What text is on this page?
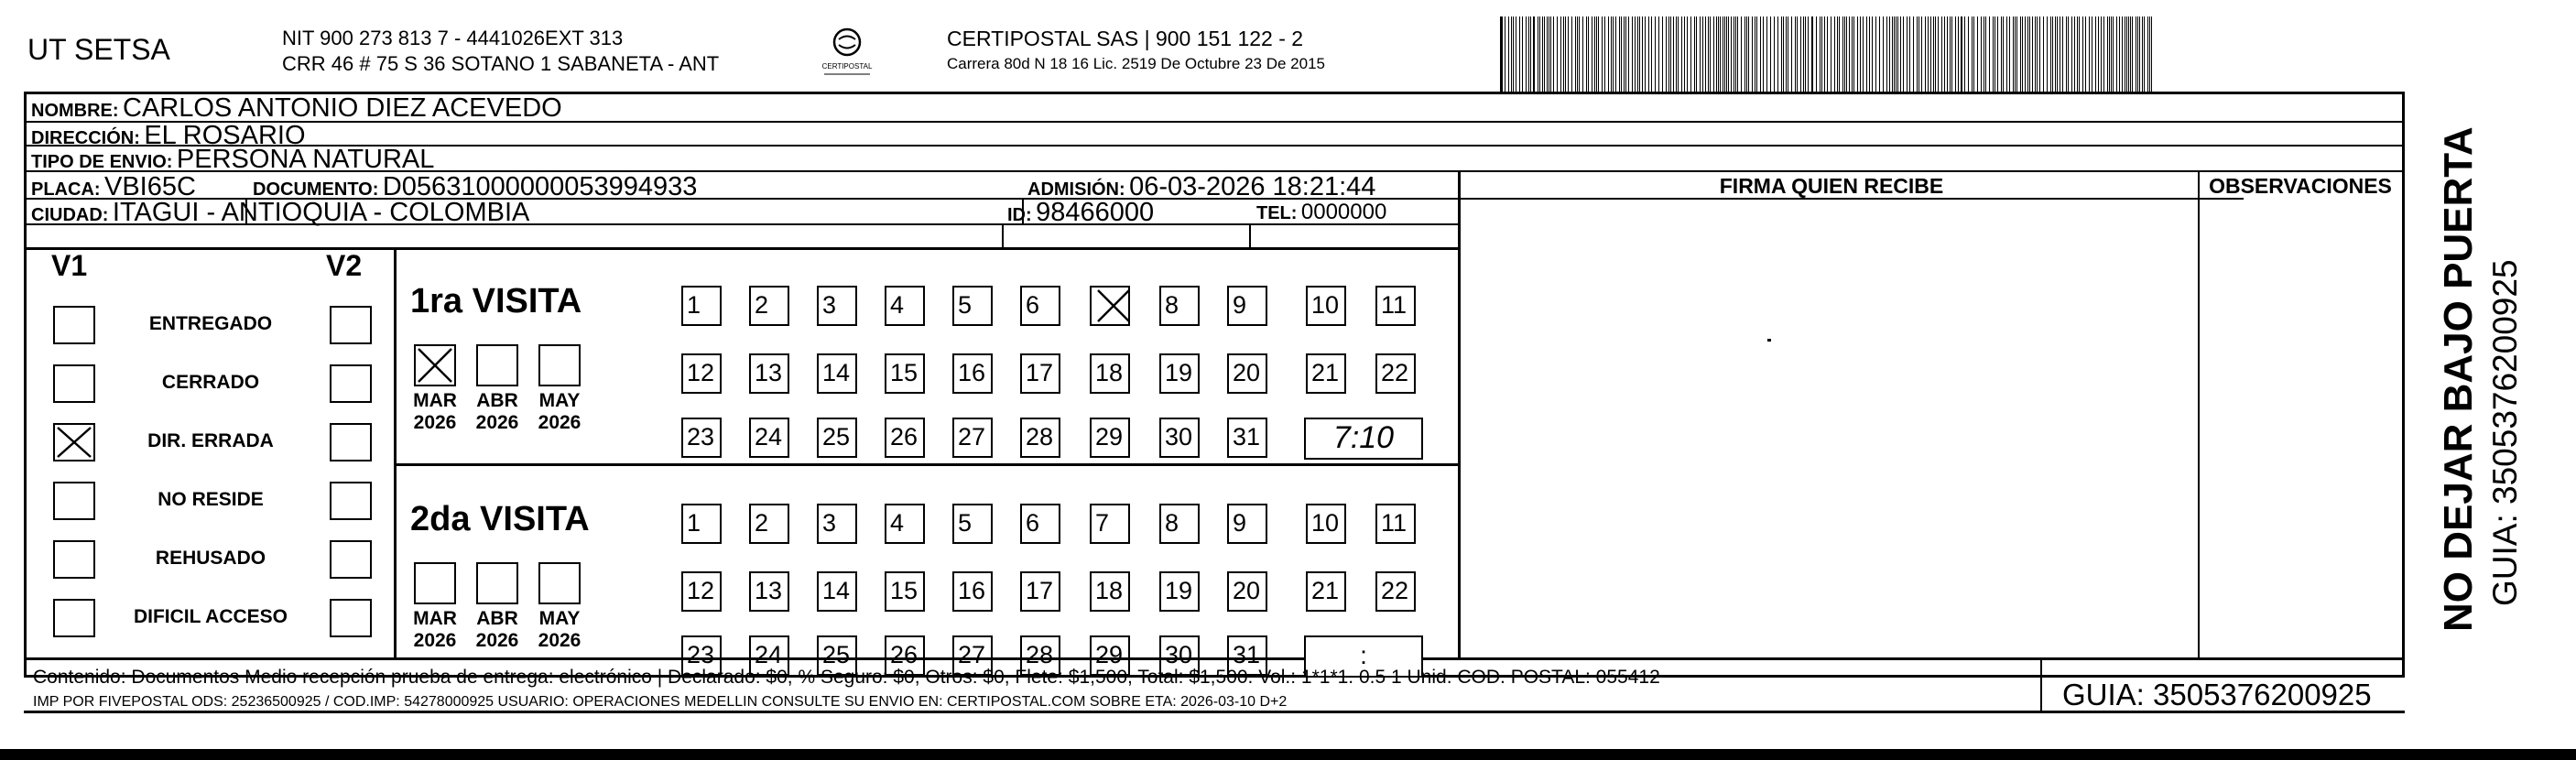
UT SETSA	NIT 900 273 813 7 - 4441026EXT 313
CRR 46 # 75 S 36 SOTANO 1 SABANETA - ANT	CERTIPOSTAL
CERTIPOSTAL SAS | 900 151 122 - 2
Carrera 80d N 18 16 Lic. 2519 De Octubre 23 De 2015
NOMBRE: CARLOS ANTONIO DIEZ ACEVEDO
DIRECCIÓN: EL ROSARIO
TIPO DE ENVIO: PERSONA NATURAL
PLACA: VBI65C	DOCUMENTO: D05631000000053994933	ADMISIÓN: 06-03-2026 18:21:44
CIUDAD: ITAGUI - ANTIOQUIA - COLOMBIA	ID: 98466000	TEL: 0000000
FIRMA QUIEN RECIBE	OBSERVACIONES
V1	V2
ENTREGADO
CERRADO
DIR. ERRADA
NO RESIDE
REHUSADO
DIFICIL ACCESO
1ra VISITA
MAR
2026
ABR
2026
MAY
2026
1	2	3	4	5	6	8	9	10 11
12 13 14 15 16 17 18 19 20 21 22
23 24 25 26 27 28 29 30 31	7:10
2da VISITA
MAR
2026
ABR
2026
MAY
2026
1	2	3	4	5	6	7	8	9	10 11
12 13 14 15 16 17 18 19 20 21 22
23 24 25 26 27 28 29 30 31	:
NO DEJAR BAJO PUERTA GUIA: 3505376200925
Contenido: Documentos Medio recepción prueba de entrega: electrónico | Declarado: $0, % Seguro: $0, Otros: $0, Flete: $1,500, Total: $1,500. Vol.: 1*1*1. 0.5 1 Unid. COD. POSTAL: 055412
IMP POR FIVEPOSTAL ODS: 25236500925 / COD.IMP: 54278000925 USUARIO: OPERACIONES MEDELLIN CONSULTE SU ENVIO EN: CERTIPOSTAL.COM SOBRE ETA: 2026-03-10 D+2	GUIA: 3505376200925
